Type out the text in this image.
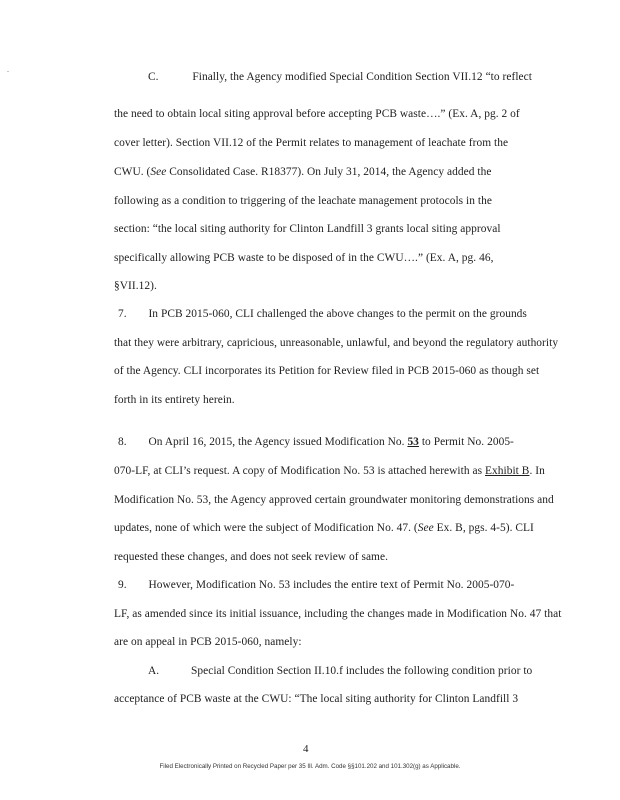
-	C.	Finally, the Agency modified Special Condition Section VII.12 “to reflect
the need to obtain local siting approval before accepting PCB waste….” (Ex. A, pg. 2 of
cover letter). Section VII.12 of the Permit relates to management of leachate from the
CWU. (See Consolidated Case. R18377). On July 31, 2014, the Agency added the
following as a condition to triggering of the leachate management protocols in the
section: “the local siting authority for Clinton Landfill 3 grants local siting approval
specifically allowing PCB waste to be disposed of in the CWU….” (Ex. A, pg. 46,
§VII.12).
7. In PCB 2015-060, CLI challenged the above changes to the permit on the grounds
that they were arbitrary, capricious, unreasonable, unlawful, and beyond the regulatory authority
of the Agency. CLI incorporates its Petition for Review filed in PCB 2015-060 as though set
forth in its entirety herein.
8. On April 16, 2015, the Agency issued Modification No. 53 to Permit No. 2005-
070-LF, at CLI’s request. A copy of Modification No. 53 is attached herewith as Exhibit B. In
Modification No. 53, the Agency approved certain groundwater monitoring demonstrations and
updates, none of which were the subject of Modification No. 47. (See Ex. B, pgs. 4-5). CLI
requested these changes, and does not seek review of same.
9. However, Modification No. 53 includes the entire text of Permit No. 2005-070-
LF, as amended since its initial issuance, including the changes made in Modification No. 47 that
are on appeal in PCB 2015-060, namely:
A.	Special Condition Section II.10.f includes the following condition prior to
acceptance of PCB waste at the CWU: “The local siting authority for Clinton Landfill 3
4
Filed Electronically Printed on Recycled Paper per 35 Ill. Adm. Code §§101.202 and 101.302(g) as Applicable.
